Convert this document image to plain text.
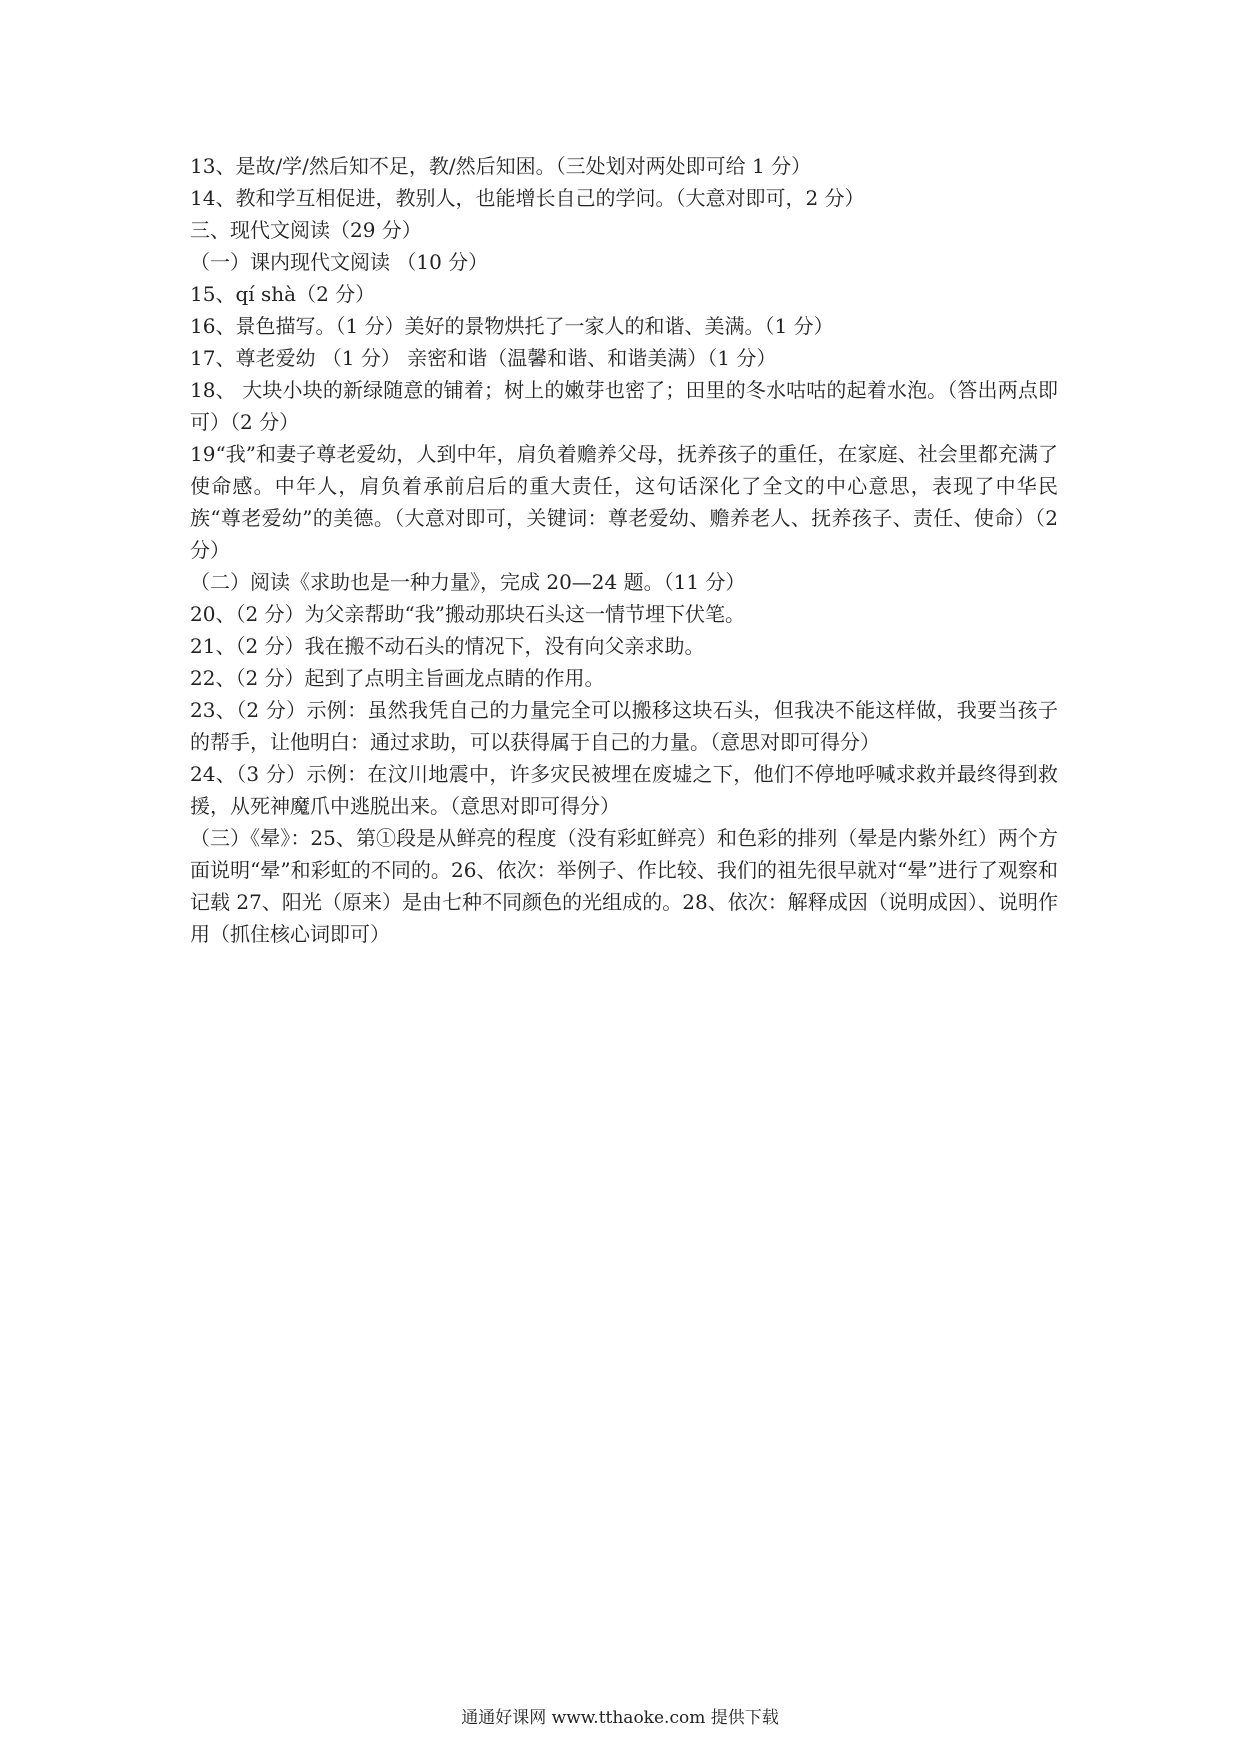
13、是故/学/然后知不足，教/然后知困。（三处划对两处即可给 1 分）

14、教和学互相促进，教别人，也能增长自己的学问。（大意对即可，2 分）

三、现代文阅读（29 分）

（一）课内现代文阅读 （10 分）

15、qí shà（2 分）

16、景色描写。（1 分）美好的景物烘托了一家人的和谐、美满。（1 分）

17、尊老爱幼 （1 分） 亲密和谐（温馨和谐、和谐美满）（1 分）

18、 大块小块的新绿随意的铺着；树上的嫩芽也密了；田里的冬水咕咕的起着水泡。（答出两点即可）（2 分）

19“我”和妻子尊老爱幼，人到中年，肩负着赡养父母，抚养孩子的重任，在家庭、社会里都充满了使命感。中年人，肩负着承前启后的重大责任，这句话深化了全文的中心意思，表现了中华民族“尊老爱幼”的美德。（大意对即可，关键词：尊老爱幼、赡养老人、抚养孩子、责任、使命）（2 分）

（二）阅读《求助也是一种力量》，完成 20—24 题。（11 分）

20、（2 分）为父亲帮助“我”搬动那块石头这一情节埋下伏笔。

21、（2 分）我在搬不动石头的情况下，没有向父亲求助。

22、（2 分）起到了点明主旨画龙点睛的作用。

23、（2 分）示例：虽然我凭自己的力量完全可以搬移这块石头，但我决不能这样做，我要当孩子的帮手，让他明白：通过求助，可以获得属于自己的力量。（意思对即可得分）

24、（3 分）示例：在汶川地震中，许多灾民被埋在废墟之下，他们不停地呼喊求救并最终得到救援，从死神魔爪中逃脱出来。（意思对即可得分）

（三）《晕》：25、第①段是从鲜亮的程度（没有彩虹鲜亮）和色彩的排列（晕是内紫外红）两个方面说明“晕”和彩虹的不同的。26、依次：举例子、作比较、我们的祖先很早就对“晕”进行了观察和记载 27、阳光（原来）是由七种不同颜色的光组成的。28、依次：解释成因（说明成因）、说明作用（抓住核心词即可）

通通好课网 www.tthaoke.com 提供下载
